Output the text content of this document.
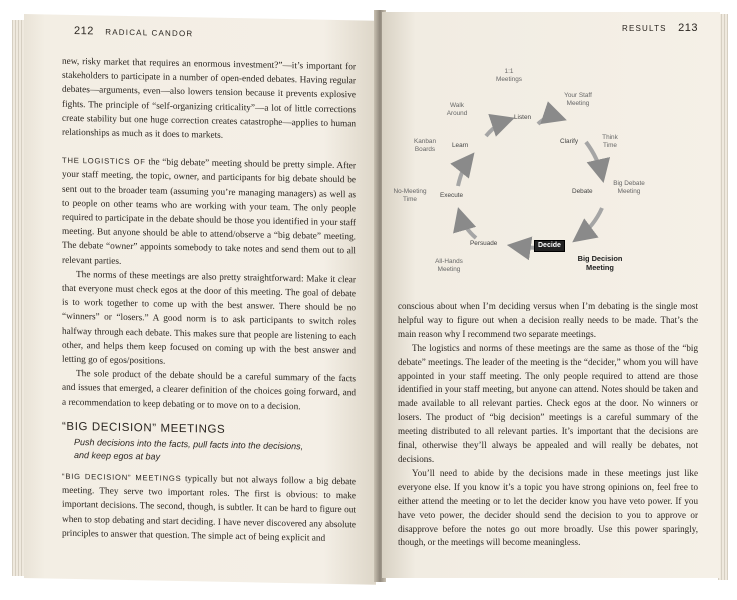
212 RADICAL CANDOR

new, risky market that requires an enormous investment?”—it’s important for stakeholders to participate in a number of open-ended debates. Having regular debates—arguments, even—also lowers tension because it prevents explosive fights. The principle of “self-organizing criticality”—a lot of little corrections create stability but one huge correction creates catastrophe—applies to human relationships as much as it does to markets.

THE LOGISTICS OF the “big debate” meeting should be pretty simple. After your staff meeting, the topic, owner, and participants for big debate should be sent out to the broader team (assuming you’re managing managers) as well as to people on other teams who are working with your team. The only people required to participate in the debate should be those you identified in your staff meeting. But anyone should be able to attend/observe a “big debate” meeting. The debate “owner” appoints somebody to take notes and send them out to all relevant parties.

The norms of these meetings are also pretty straightforward: Make it clear that everyone must check egos at the door of this meeting. The goal of debate is to work together to come up with the best answer. There should be no “winners” or “losers.” A good norm is to ask participants to switch roles halfway through each debate. This makes sure that people are listening to each other, and helps them keep focused on coming up with the best answer and letting go of egos/positions.

The sole product of the debate should be a careful summary of the facts and issues that emerged, a clearer definition of the choices going forward, and a recommendation to keep debating or to move on to a decision.

“BIG DECISION” MEETINGS
Push decisions into the facts, pull facts into the decisions,
and keep egos at bay

“BIG DECISION” MEETINGS typically but not always follow a big debate meeting. They serve two important roles. The first is obvious: to make important decisions. The second, though, is subtler. It can be hard to figure out when to stop debating and start deciding. I have never discovered any absolute principles to answer that question. The simple act of being explicit and

RESULTS 213
Listen
Clarify
Debate
Decide
Persuade
Execute
Learn
1:1 Meetings
Your Staff Meeting
Think Time
Big Debate Meeting
Big Decision Meeting
All-Hands Meeting
No-Meeting Time
Kanban Boards
Walk Around

conscious about when I’m deciding versus when I’m debating is the single most helpful way to figure out when a decision really needs to be made. That’s the main reason why I recommend two separate meetings.

The logistics and norms of these meetings are the same as those of the “big debate” meetings. The leader of the meeting is the “decider,” whom you will have appointed in your staff meeting. The only people required to attend are those identified in your staff meeting, but anyone can attend. Notes should be taken and made available to all relevant parties. Check egos at the door. No winners or losers. The product of “big decision” meetings is a careful summary of the meeting distributed to all relevant parties. It’s important that the decisions are final, otherwise they’ll always be appealed and will really be debates, not decisions.

You’ll need to abide by the decisions made in these meetings just like everyone else. If you know it’s a topic you have strong opinions on, feel free to either attend the meeting or to let the decider know you have veto power. If you have veto power, the decider should send the decision to you to approve or disapprove before the notes go out more broadly. Use this power sparingly, though, or the meetings will become meaningless.
